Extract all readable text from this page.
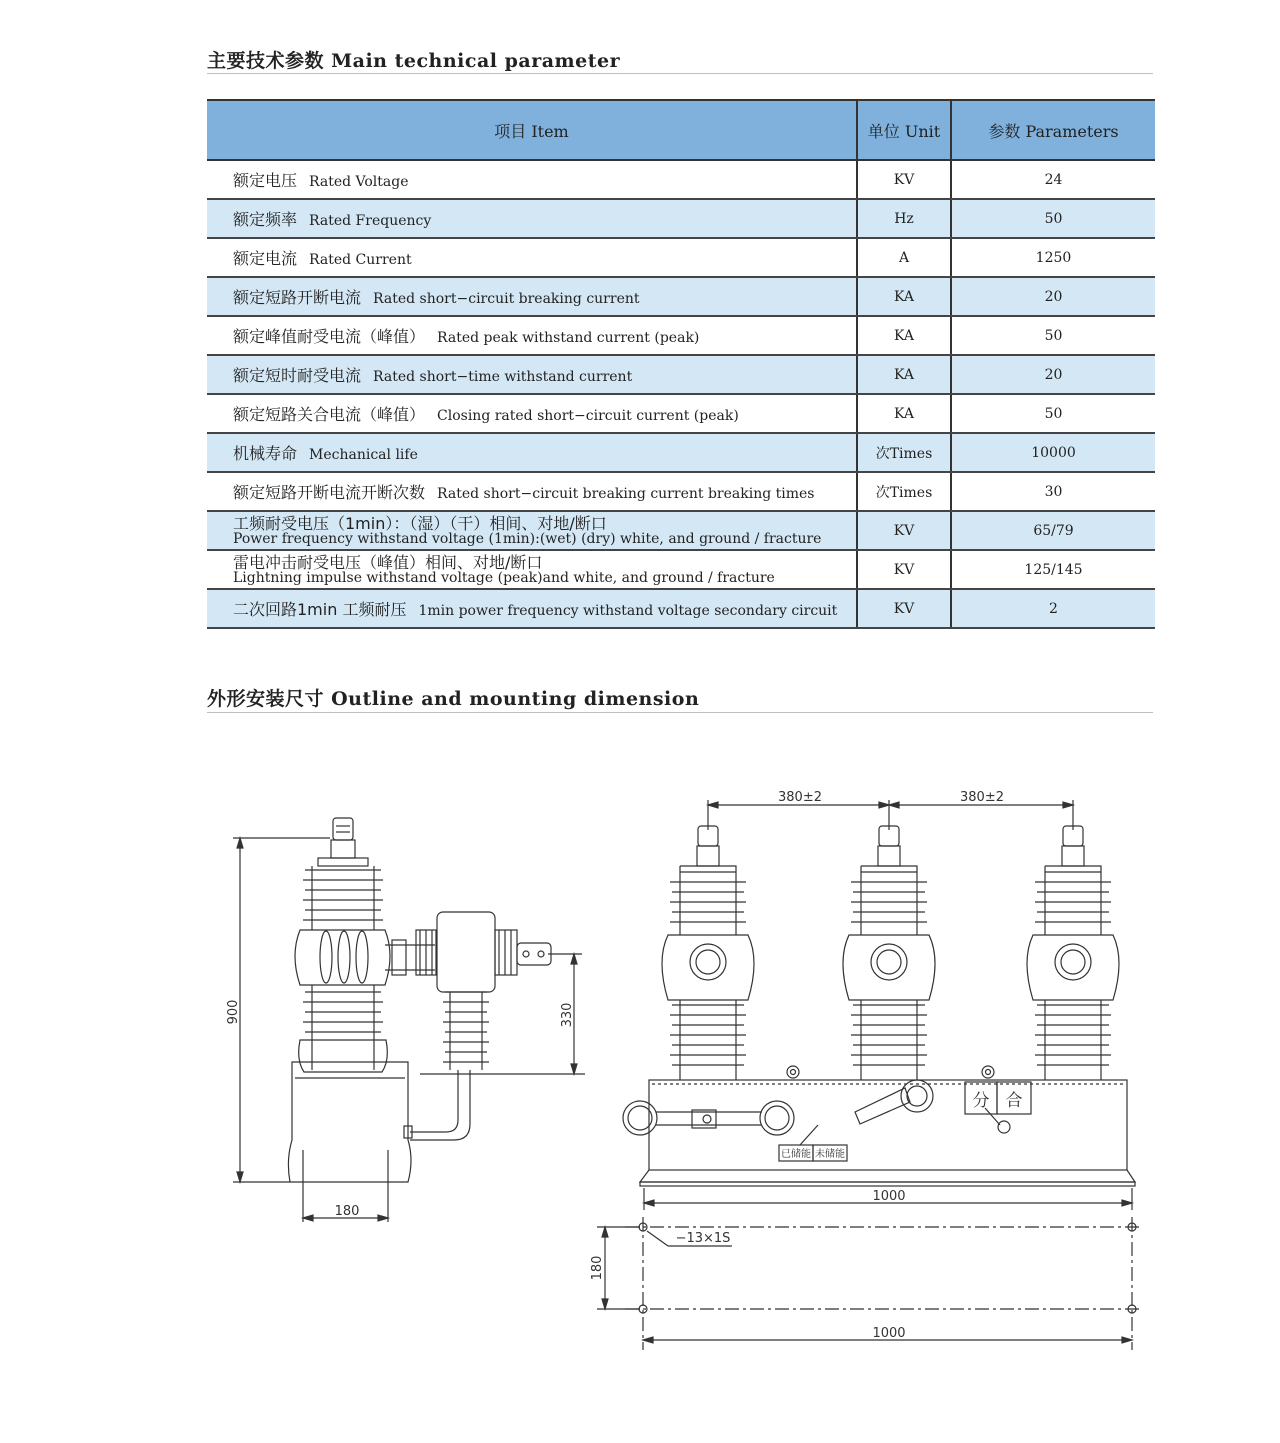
主要技术参数 Main technical parameter
项目 Item	单位 Unit	参数 Parameters
额定电压 Rated Voltage	KV	24
额定频率 Rated Frequency	Hz	50
额定电流 Rated Current	A	1250
额定短路开断电流 Rated short−circuit breaking current	KA	20
额定峰值耐受电流（峰值） Rated peak withstand current (peak)	KA	50
额定短时耐受电流 Rated short−time withstand current	KA	20
额定短路关合电流（峰值） Closing rated short−circuit current (peak)	KA	50
机械寿命 Mechanical life	次Times	10000
额定短路开断电流开断次数 Rated short−circuit breaking current breaking times	次Times	30

工频耐受电压（1min）：（湿）（干）相间、对地/断口
Power frequency withstand voltage (1min):(wet) (dry) white, and ground / fracture	KV	65/79

雷电冲击耐受电压（峰值）相间、对地/断口
Lightning impulse withstand voltage (peak)and white, and ground / fracture	KV	125/145
二次回路1min 工频耐压 1min power frequency withstand voltage secondary circuit	KV	2
外形安装尺寸 Outline and mounting dimension
900	330
180
380±2	380±2
已储能 未储能
分 合
1000
−13×1S
180
1000
